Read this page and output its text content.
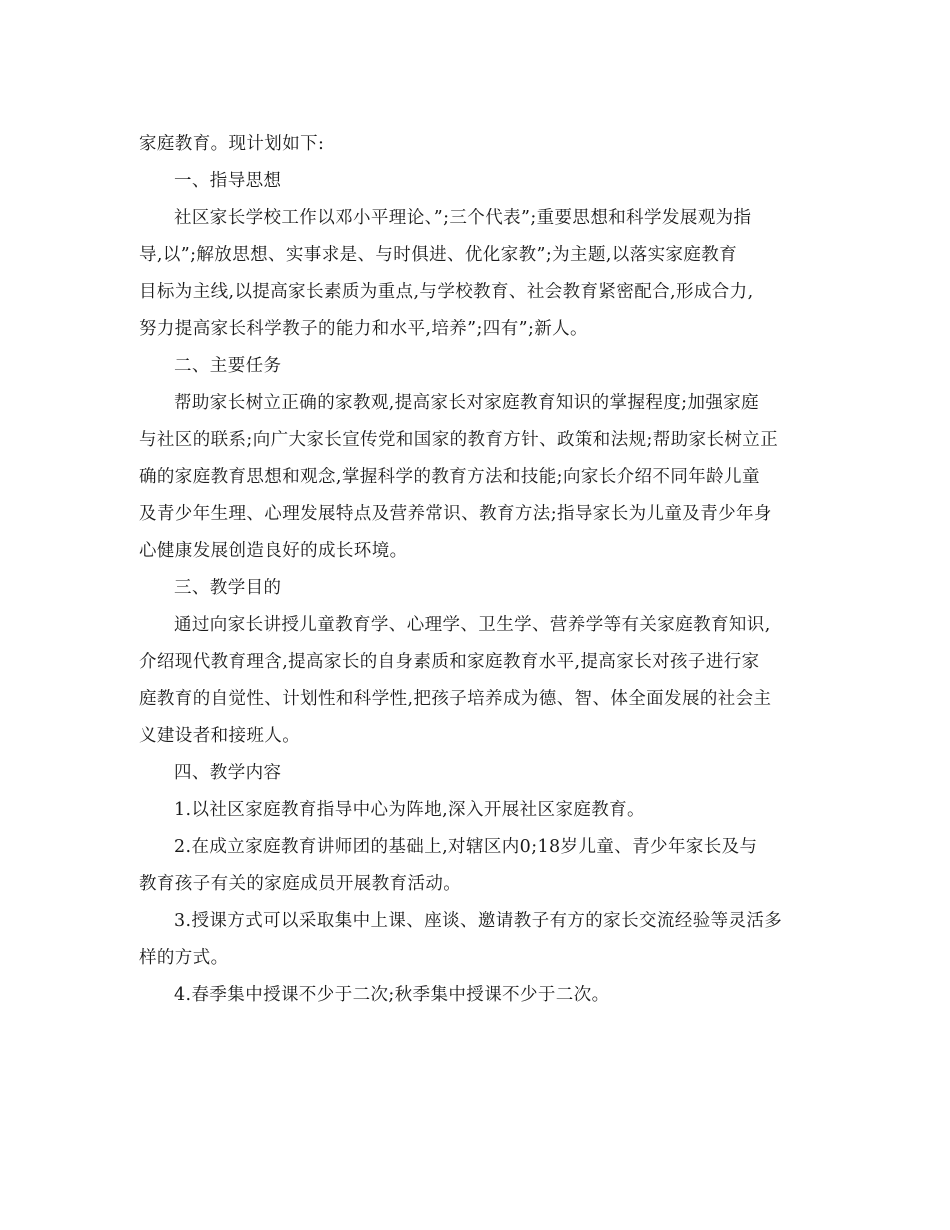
家庭教育。现计划如下:
一、指导思想
社区家长学校工作以邓小平理论、”;三个代表”;重要思想和科学发展观为指
导,以”;解放思想、实事求是、与时俱进、优化家教”;为主题,以落实家庭教育
目标为主线,以提高家长素质为重点,与学校教育、社会教育紧密配合,形成合力,
努力提高家长科学教子的能力和水平,培养”;四有”;新人。
二、主要任务
帮助家长树立正确的家教观,提高家长对家庭教育知识的掌握程度;加强家庭
与社区的联系;向广大家长宣传党和国家的教育方针、政策和法规;帮助家长树立正
确的家庭教育思想和观念,掌握科学的教育方法和技能;向家长介绍不同年龄儿童
及青少年生理、心理发展特点及营养常识、教育方法;指导家长为儿童及青少年身
心健康发展创造良好的成长环境。
三、教学目的
通过向家长讲授儿童教育学、心理学、卫生学、营养学等有关家庭教育知识,
介绍现代教育理含,提高家长的自身素质和家庭教育水平,提高家长对孩子进行家
庭教育的自觉性、计划性和科学性,把孩子培养成为德、智、体全面发展的社会主
义建设者和接班人。
四、教学内容
1.以社区家庭教育指导中心为阵地,深入开展社区家庭教育。
2.在成立家庭教育讲师团的基础上,对辖区内0;18岁儿童、青少年家长及与
教育孩子有关的家庭成员开展教育活动。
3.授课方式可以采取集中上课、座谈、邀请教子有方的家长交流经验等灵活多
样的方式。
4.春季集中授课不少于二次;秋季集中授课不少于二次。
